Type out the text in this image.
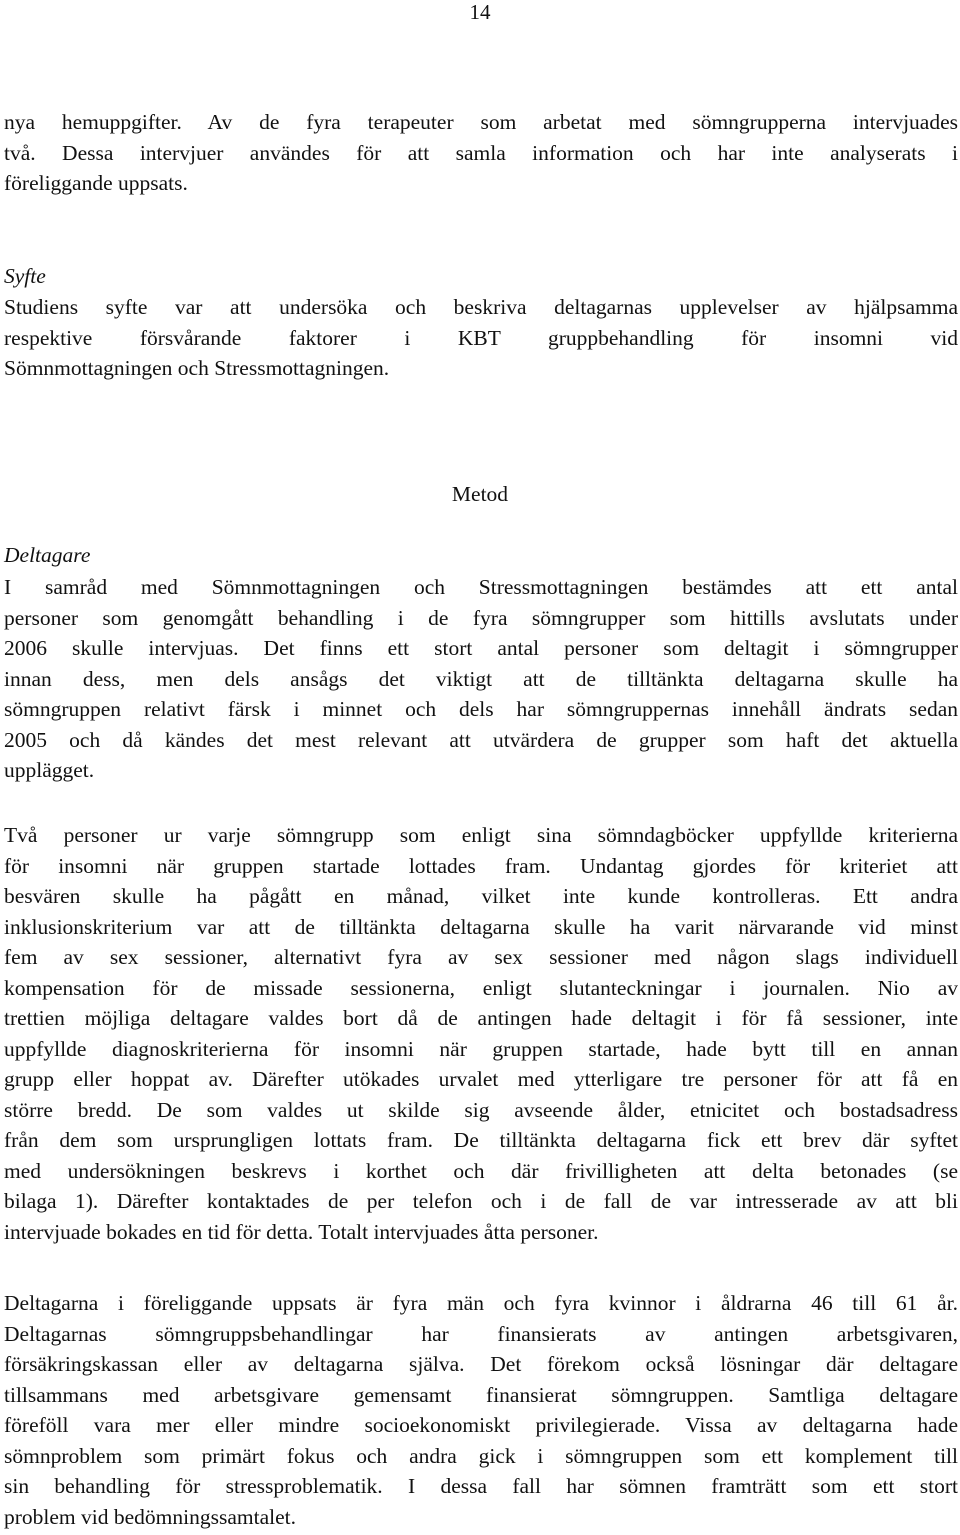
14
nya hemuppgifter. Av de fyra terapeuter som arbetat med sömngrupperna intervjuades
två. Dessa intervjuer användes för att samla information och har inte analyserats i
föreliggande uppsats.
Syfte
Studiens syfte var att undersöka och beskriva deltagarnas upplevelser av hjälpsamma
respektive försvårande faktorer i KBT gruppbehandling för insomni vid
Sömnmottagningen och Stressmottagningen.
Metod
Deltagare
I samråd med Sömnmottagningen och Stressmottagningen bestämdes att ett antal
personer som genomgått behandling i de fyra sömngrupper som hittills avslutats under
2006 skulle intervjuas. Det finns ett stort antal personer som deltagit i sömngrupper
innan dess, men dels ansågs det viktigt att de tilltänkta deltagarna skulle ha
sömngruppen relativt färsk i minnet och dels har sömngruppernas innehåll ändrats sedan
2005 och då kändes det mest relevant att utvärdera de grupper som haft det aktuella
upplägget.
Två personer ur varje sömngrupp som enligt sina sömndagböcker uppfyllde kriterierna
för insomni när gruppen startade lottades fram. Undantag gjordes för kriteriet att
besvären skulle ha pågått en månad, vilket inte kunde kontrolleras. Ett andra
inklusionskriterium var att de tilltänkta deltagarna skulle ha varit närvarande vid minst
fem av sex sessioner, alternativt fyra av sex sessioner med någon slags individuell
kompensation för de missade sessionerna, enligt slutanteckningar i journalen. Nio av
trettien möjliga deltagare valdes bort då de antingen hade deltagit i för få sessioner, inte
uppfyllde diagnoskriterierna för insomni när gruppen startade, hade bytt till en annan
grupp eller hoppat av. Därefter utökades urvalet med ytterligare tre personer för att få en
större bredd. De som valdes ut skilde sig avseende ålder, etnicitet och bostadsadress
från dem som ursprungligen lottats fram. De tilltänkta deltagarna fick ett brev där syftet
med undersökningen beskrevs i korthet och där frivilligheten att delta betonades (se
bilaga 1). Därefter kontaktades de per telefon och i de fall de var intresserade av att bli
intervjuade bokades en tid för detta. Totalt intervjuades åtta personer.
Deltagarna i föreliggande uppsats är fyra män och fyra kvinnor i åldrarna 46 till 61 år.
Deltagarnas sömngruppsbehandlingar har finansierats av antingen arbetsgivaren,
försäkringskassan eller av deltagarna själva. Det förekom också lösningar där deltagare
tillsammans med arbetsgivare gemensamt finansierat sömngruppen. Samtliga deltagare
föreföll vara mer eller mindre socioekonomiskt privilegierade. Vissa av deltagarna hade
sömnproblem som primärt fokus och andra gick i sömngruppen som ett komplement till
sin behandling för stressproblematik. I dessa fall har sömnen framträtt som ett stort
problem vid bedömningssamtalet.
